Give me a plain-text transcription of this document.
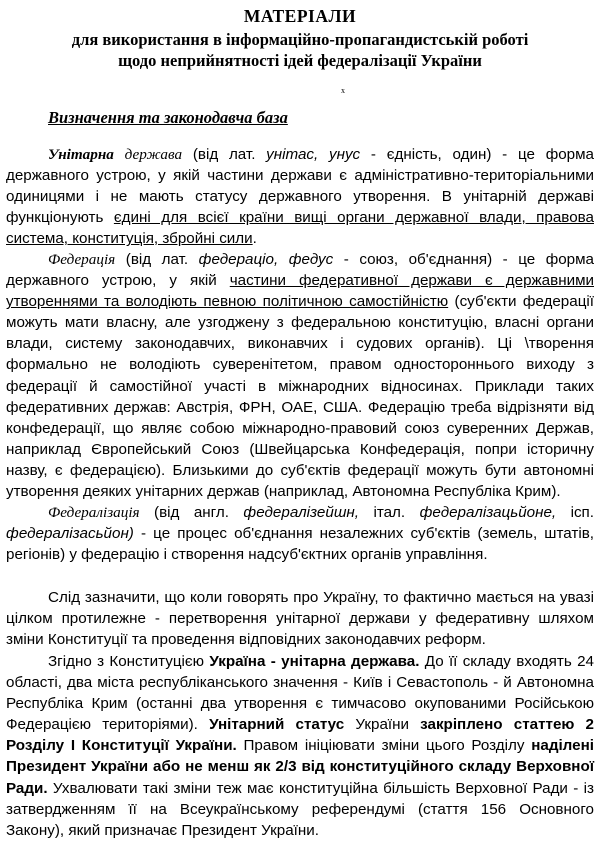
МАТЕРІАЛИ
для використання в інформаційно-пропагандистській роботі
щодо неприйнятності ідей федералізації України
х
Визначення та законодавча база
Унітарна держава (від лат. унітас, унус - єдність, один) - це форма державного устрою, у якій частини держави є адміністративно-територіальними одиницями і не мають статусу державного утворення. В унітарній державі функціонують єдині для всієї країни вищі органи державної влади, правова система, конституція, збройні сили.
Федерація (від лат. федераціо, федус - союз, об'єднання) - це форма державного устрою, у якій частини федеративної держави є державними утвореннями та володіють певною політичною самостійністю (суб'єкти федерації можуть мати власну, але узгоджену з федеральною конституцію, власні органи влади, систему законодавчих, виконавчих і судових органів). Ці \творення формально не володіють суверенітетом, правом одностороннього виходу з федерації й самостійної участі в міжнародних відносинах. Приклади таких федеративних держав: Австрія, ФРН, ОАЕ, США. Федерацію треба відрізняти від конфедерації, що являє собою міжнародно-правовий союз суверенних Держав, наприклад Європейський Союз (Швейцарська Конфедерація, попри історичну назву, є федерацією). Близькими до суб'єктів федерації можуть бути автономні утворення деяких унітарних держав (наприклад, Автономна Республіка Крим).
Федералізація (від англ. федералізейшн, італ. федералізацьйоне, ісп. федералізасьйон) - це процес об'єднання незалежних суб'єктів (земель, штатів, регіонів) у федерацію і створення надсуб'єктних органів управління.
Слід зазначити, що коли говорять про Україну, то фактично мається на увазі цілком протилежне - перетворення унітарної держави у федеративну шляхом зміни Конституції та проведення відповідних законодавчих реформ.
Згідно з Конституцією Україна - унітарна держава. До її складу входять 24 області, два міста республіканського значення - Київ і Севастополь - й Автономна Республіка Крим (останні два утворення є тимчасово окупованими Російською Федерацією територіями). Унітарний статус України закріплено статтею 2 Розділу І Конституції України. Правом ініціювати зміни цього Розділу наділені Президент України або не менш як 2/3 від конституційного складу Верховної Ради. Ухвалювати такі зміни теж має конституційна більшість Верховної Ради - із затвердженням її на Всеукраїнському референдумі (стаття 156 Основного Закону), який призначає Президент України.
